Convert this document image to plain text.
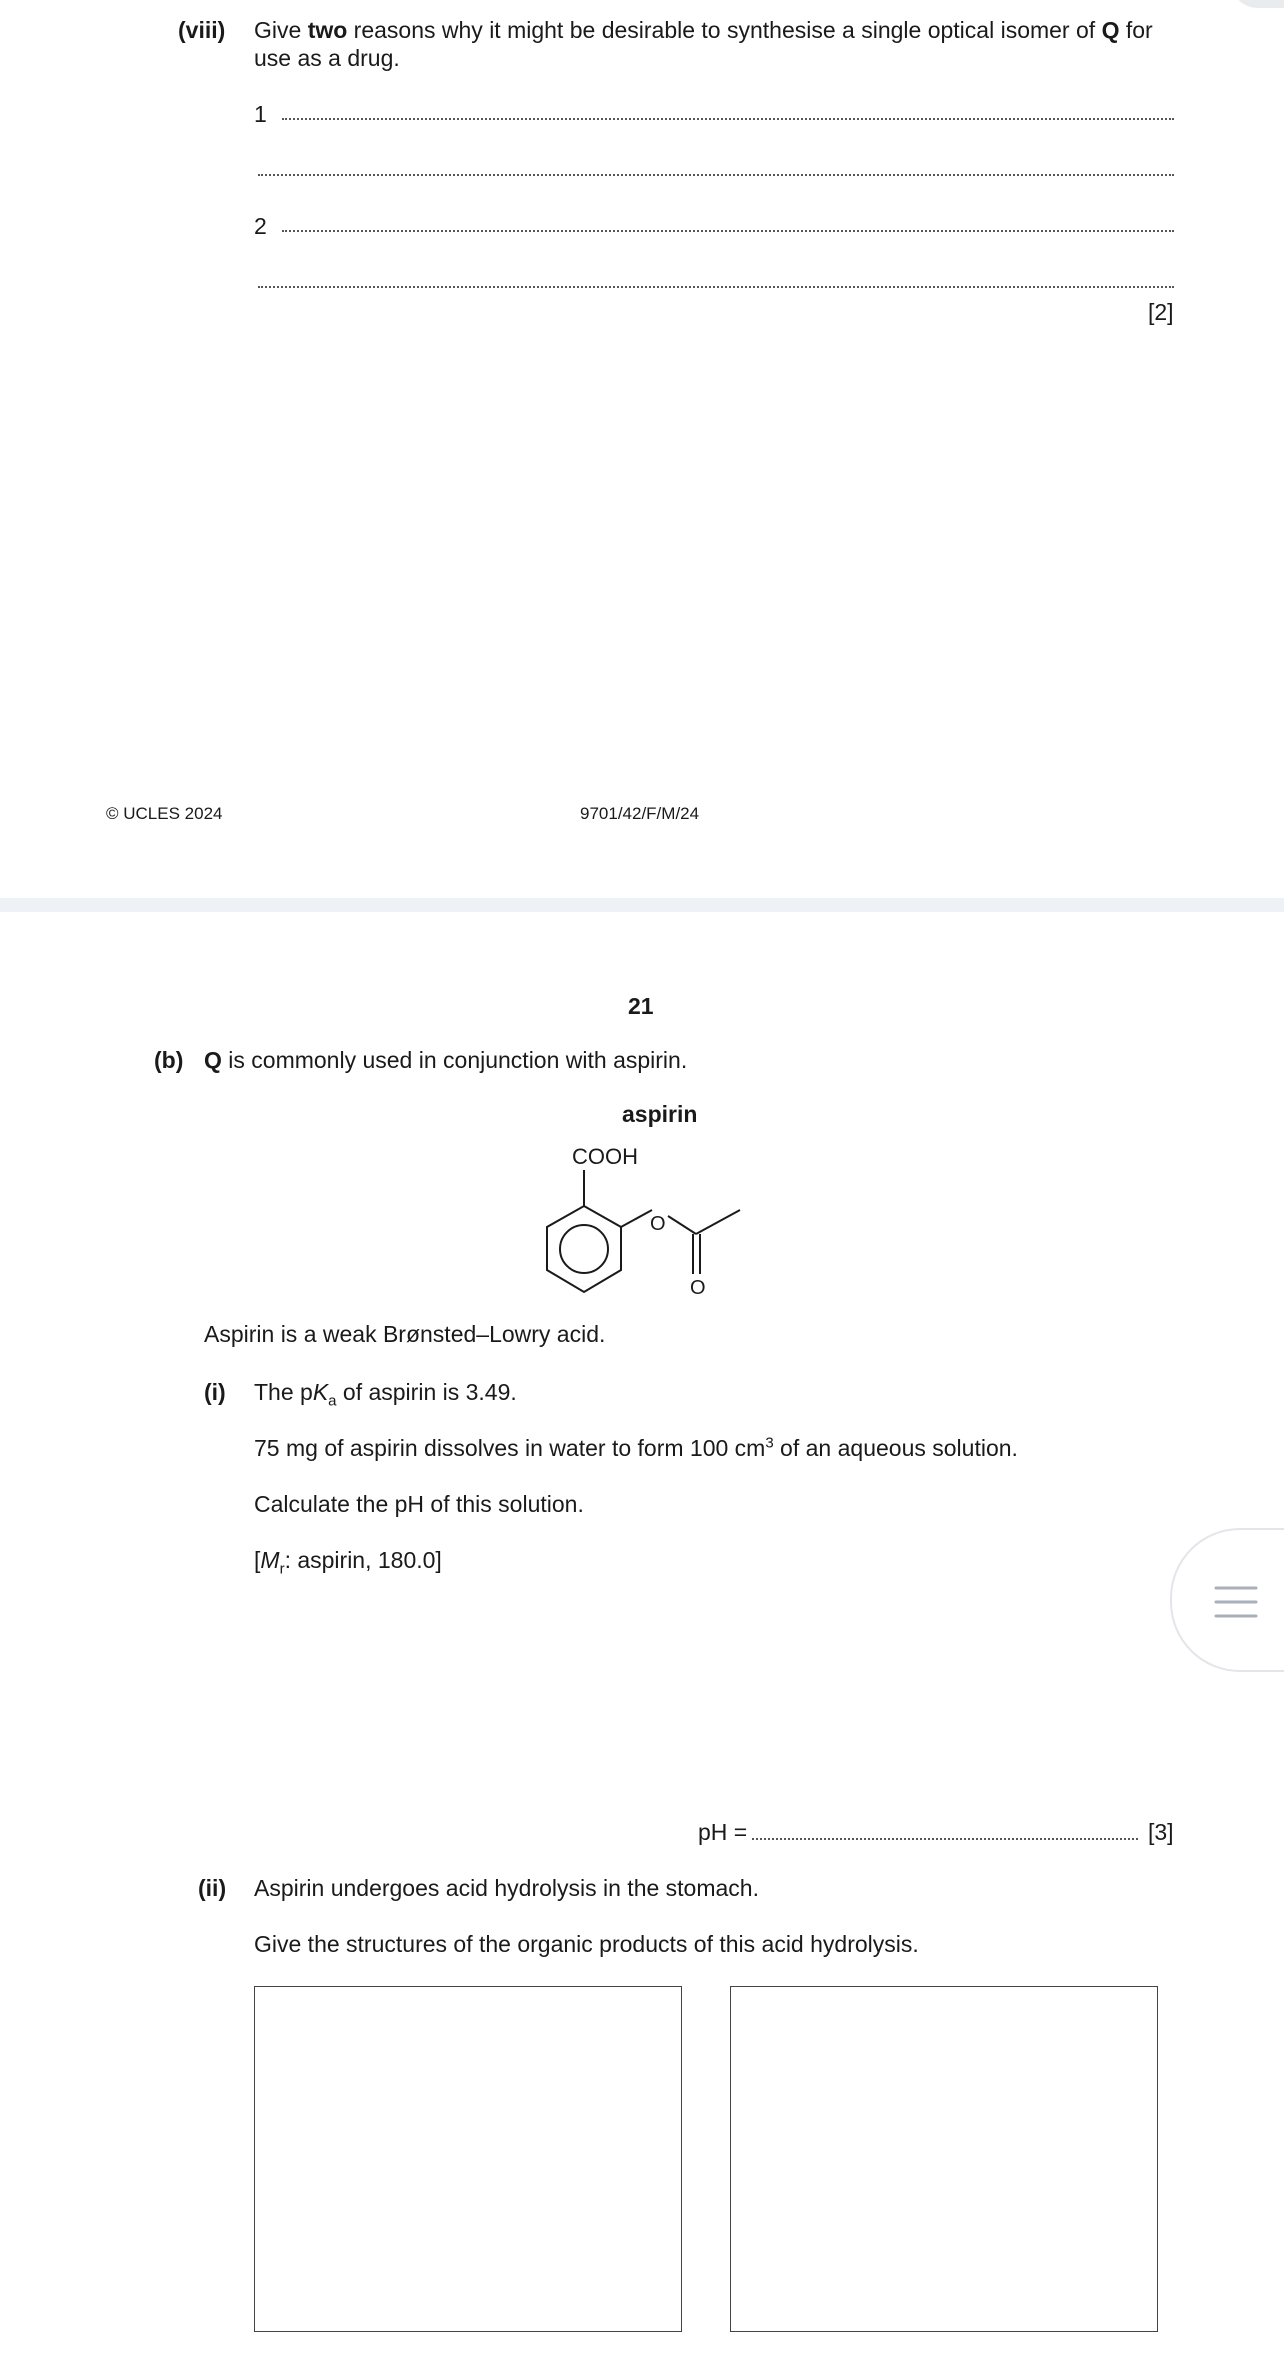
(viii) Give two reasons why it might be desirable to synthesise a single optical isomer of Q for
use as a drug.
1
2
[2]
© UCLES 2024	9701/42/F/M/24
21
(b) Q is commonly used in conjunction with aspirin.
aspirin
COOH
O
O
Aspirin is a weak Brønsted–Lowry acid.
(i) The $pK_a$ of aspirin is 3.49.
75 mg of aspirin dissolves in water to form 100 $cm^3$ of an aqueous solution.
Calculate the pH of this solution.
[$M_r$: aspirin, 180.0]
pH =	[3]
(ii) Aspirin undergoes acid hydrolysis in the stomach.
Give the structures of the organic products of this acid hydrolysis.
